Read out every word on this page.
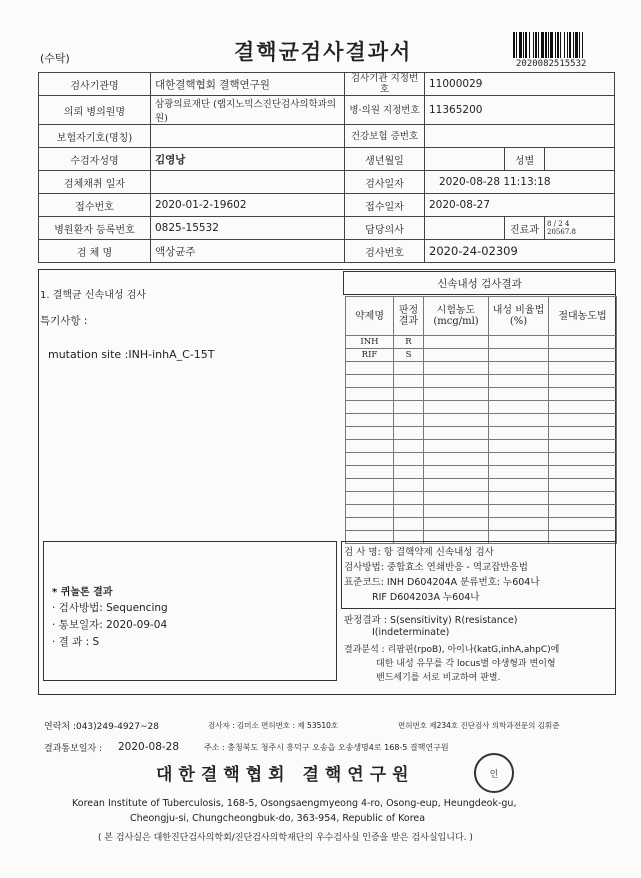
(수탁)	결핵균검사결과서	2020082515532
검사기관명	대한결핵협회 결핵연구원	검사기관 지정번호	11000029		
의뢰 병의원명	삼광의료재단 (랩지노믹스진단검사의학과의원)	병·의원 지정번호	11365200		
보험자기호(명칭)		건강보험 증번호			
수검자성명	김영낭	생년월일		성별	
검체채취 일자		검사일자	2020-08-28 11:13:18		
접수번호	2020-01-2-19602	접수일자	2020-08-27		
병원환자 등록번호	0825-15532	담당의사		진료과	8 / 2 4
20567.8
검 체 명	액상균주	검사번호	2020-24-02309		
1. 결핵균 신속내성 검사
특기사항 :
mutation site :INH-inhA_C-15T
신속내성 검사결과
약제명	판정 결과	시험농도(mcg/ml)	내성 비율법(%)	절대농도법
INH	R			
RIF	S			

* 퀴놀론 결과
· 검사방법: Sequencing
· 통보일자: 2020-09-04
· 결 과 : S
검 사 명: 항 결핵약제 신속내성 검사
검사방법: 중합효소 연쇄반응 - 역교잡반응법
표준코드: INH D604204A 분류번호: 누604나
RIF D604203A 누604나
판정결과 : S(sensitivity) R(resistance)
I(indeterminate)
결과분석 : 리팜핀(rpoB), 아이나(katG,inhA,ahpC)에
대한 내성 유무를 각 locus별 야생형과 변이형
밴드세기를 서로 비교하여 판별.
연락처 :043)249-4927~28	검사자 : 김미소 면허번호 : 제 53510호	면허번호 제234호 진단검사 의학과전문의 김휘준
결과통보일자 : 2020-08-28	주소 : 충청북도 청주시 흥덕구 오송읍 오송생명4로 168-5 결핵연구원
대한결핵협회 결핵연구원	인
Korean Institute of Tuberculosis, 168-5, Osongsaengmyeong 4-ro, Osong-eup, Heungdeok-gu,
Cheongju-si, Chungcheongbuk-do, 363-954, Republic of Korea
( 본 검사실은 대한진단검사의학회/진단검사의학재단의 우수검사실 인증을 받은 검사실입니다. )
